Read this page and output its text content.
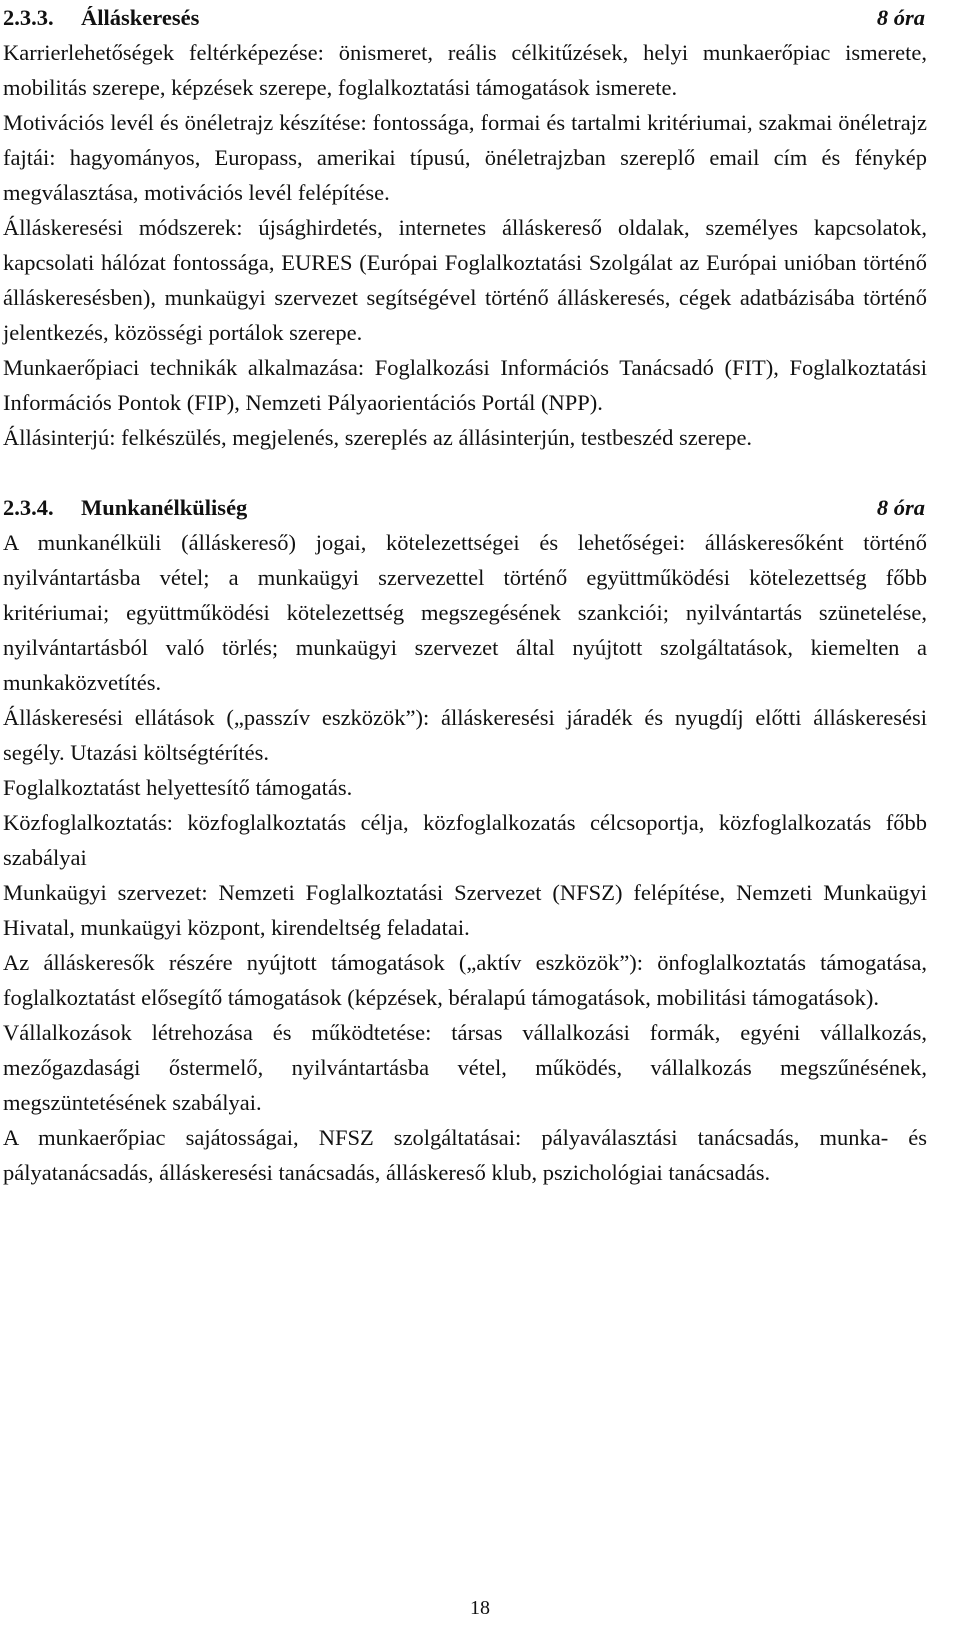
2.3.3.	Álláskeresés	8 óra

Karrierlehetőségek feltérképezése: önismeret, reális célkitűzések, helyi munkaerőpiac ismerete, mobilitás szerepe, képzések szerepe, foglalkoztatási támogatások ismerete.

Motivációs levél és önéletrajz készítése: fontossága, formai és tartalmi kritériumai, szakmai önéletrajz fajtái: hagyományos, Europass, amerikai típusú, önéletrajzban szereplő email cím és fénykép megválasztása, motivációs levél felépítése.

Álláskeresési módszerek: újsághirdetés, internetes álláskereső oldalak, személyes kapcsolatok, kapcsolati hálózat fontossága, EURES (Európai Foglalkoztatási Szolgálat az Európai unióban történő álláskeresésben), munkaügyi szervezet segítségével történő álláskeresés, cégek adatbázisába történő jelentkezés, közösségi portálok szerepe.

Munkaerőpiaci technikák alkalmazása: Foglalkozási Információs Tanácsadó (FIT), Foglalkoztatási Információs Pontok (FIP), Nemzeti Pályaorientációs Portál (NPP).

Állásinterjú: felkészülés, megjelenés, szereplés az állásinterjún, testbeszéd szerepe.

2.3.4.	Munkanélküliség	8 óra

A munkanélküli (álláskereső) jogai, kötelezettségei és lehetőségei: álláskeresőként történő nyilvántartásba vétel; a munkaügyi szervezettel történő együttműködési kötelezettség főbb kritériumai; együttműködési kötelezettség megszegésének szankciói; nyilvántartás szünetelése, nyilvántartásból való törlés; munkaügyi szervezet által nyújtott szolgáltatások, kiemelten a munkaközvetítés.

Álláskeresési ellátások („passzív eszközök”): álláskeresési járadék és nyugdíj előtti álláskeresési segély. Utazási költségtérítés.

Foglalkoztatást helyettesítő támogatás.

Közfoglalkoztatás: közfoglalkoztatás célja, közfoglalkozatás célcsoportja, közfoglalkozatás főbb szabályai

Munkaügyi szervezet: Nemzeti Foglalkoztatási Szervezet (NFSZ) felépítése, Nemzeti Munkaügyi Hivatal, munkaügyi központ, kirendeltség feladatai.

Az álláskeresők részére nyújtott támogatások („aktív eszközök”): önfoglalkoztatás támogatása, foglalkoztatást elősegítő támogatások (képzések, béralapú támogatások, mobilitási támogatások).

Vállalkozások létrehozása és működtetése: társas vállalkozási formák, egyéni vállalkozás, mezőgazdasági őstermelő, nyilvántartásba vétel, működés, vállalkozás megszűnésének, megszüntetésének szabályai.

A munkaerőpiac sajátosságai, NFSZ szolgáltatásai: pályaválasztási tanácsadás, munka- és pályatanácsadás, álláskeresési tanácsadás, álláskereső klub, pszichológiai tanácsadás.

18
